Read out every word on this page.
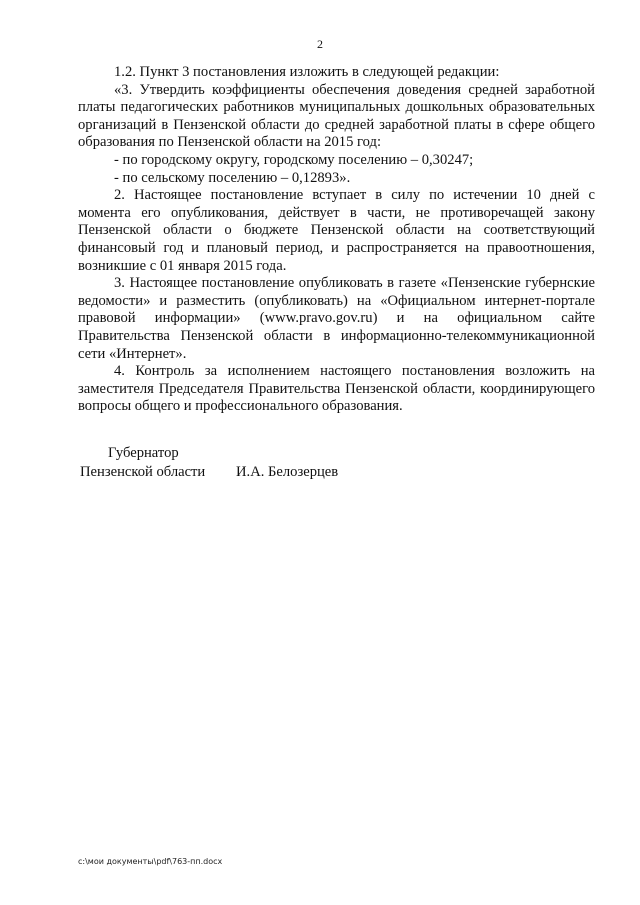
2

1.2. Пункт 3 постановления изложить в следующей редакции:

«3. Утвердить коэффициенты обеспечения доведения средней заработной платы педагогических работников муниципальных дошкольных образовательных организаций в Пензенской области до средней заработной платы в сфере общего образования по Пензенской области на 2015 год:

- по городскому округу, городскому поселению – 0,30247;

- по сельскому поселению – 0,12893».

2. Настоящее постановление вступает в силу по истечении 10 дней с момента его опубликования, действует в части, не противоречащей закону Пензенской области о бюджете Пензенской области на соответствующий финансовый год и плановый период, и распространяется на правоотношения, возникшие с 01 января 2015 года.

3. Настоящее постановление опубликовать в газете «Пензенские губернские ведомости» и разместить (опубликовать) на «Официальном интернет-портале правовой информации» (www.pravo.gov.ru) и на официальном сайте Правительства Пензенской области в информационно-телекоммуникационной сети «Интернет».

4. Контроль за исполнением настоящего постановления возложить на заместителя Председателя Правительства Пензенской области, координирующего вопросы общего и профессионального образования.

Губернатор
Пензенской области	И.А. Белозерцев
c:\мои документы\pdf\763-пп.docx
